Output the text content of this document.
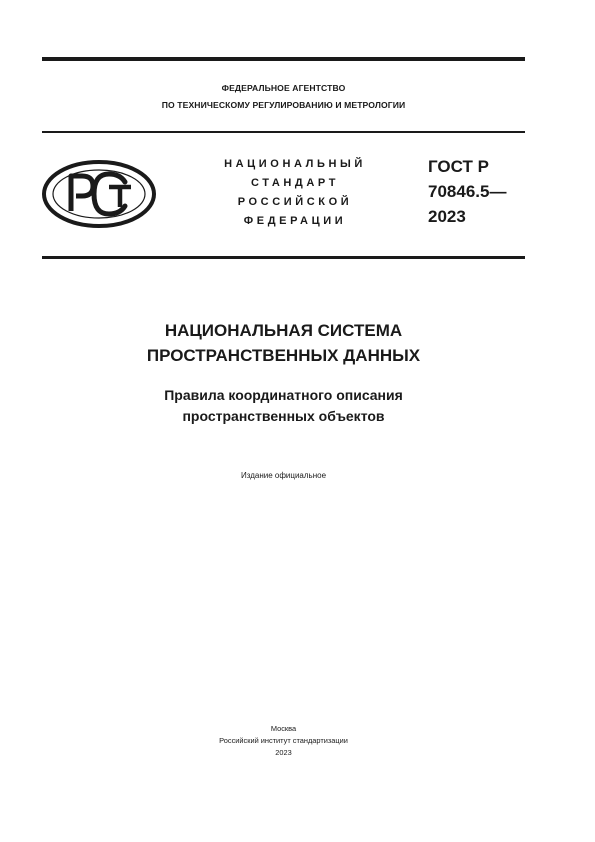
ФЕДЕРАЛЬНОЕ АГЕНТСТВО
ПО ТЕХНИЧЕСКОМУ РЕГУЛИРОВАНИЮ И МЕТРОЛОГИИ
НАЦИОНАЛЬНЫЙ
СТАНДАРТ
РОССИЙСКОЙ
ФЕДЕРАЦИИ
ГОСТ Р
70846.5—
2023
НАЦИОНАЛЬНАЯ СИСТЕМА
ПРОСТРАНСТВЕННЫХ ДАННЫХ
Правила координатного описания
пространственных объектов
Издание официальное
Москва
Российский институт стандартизации
2023
